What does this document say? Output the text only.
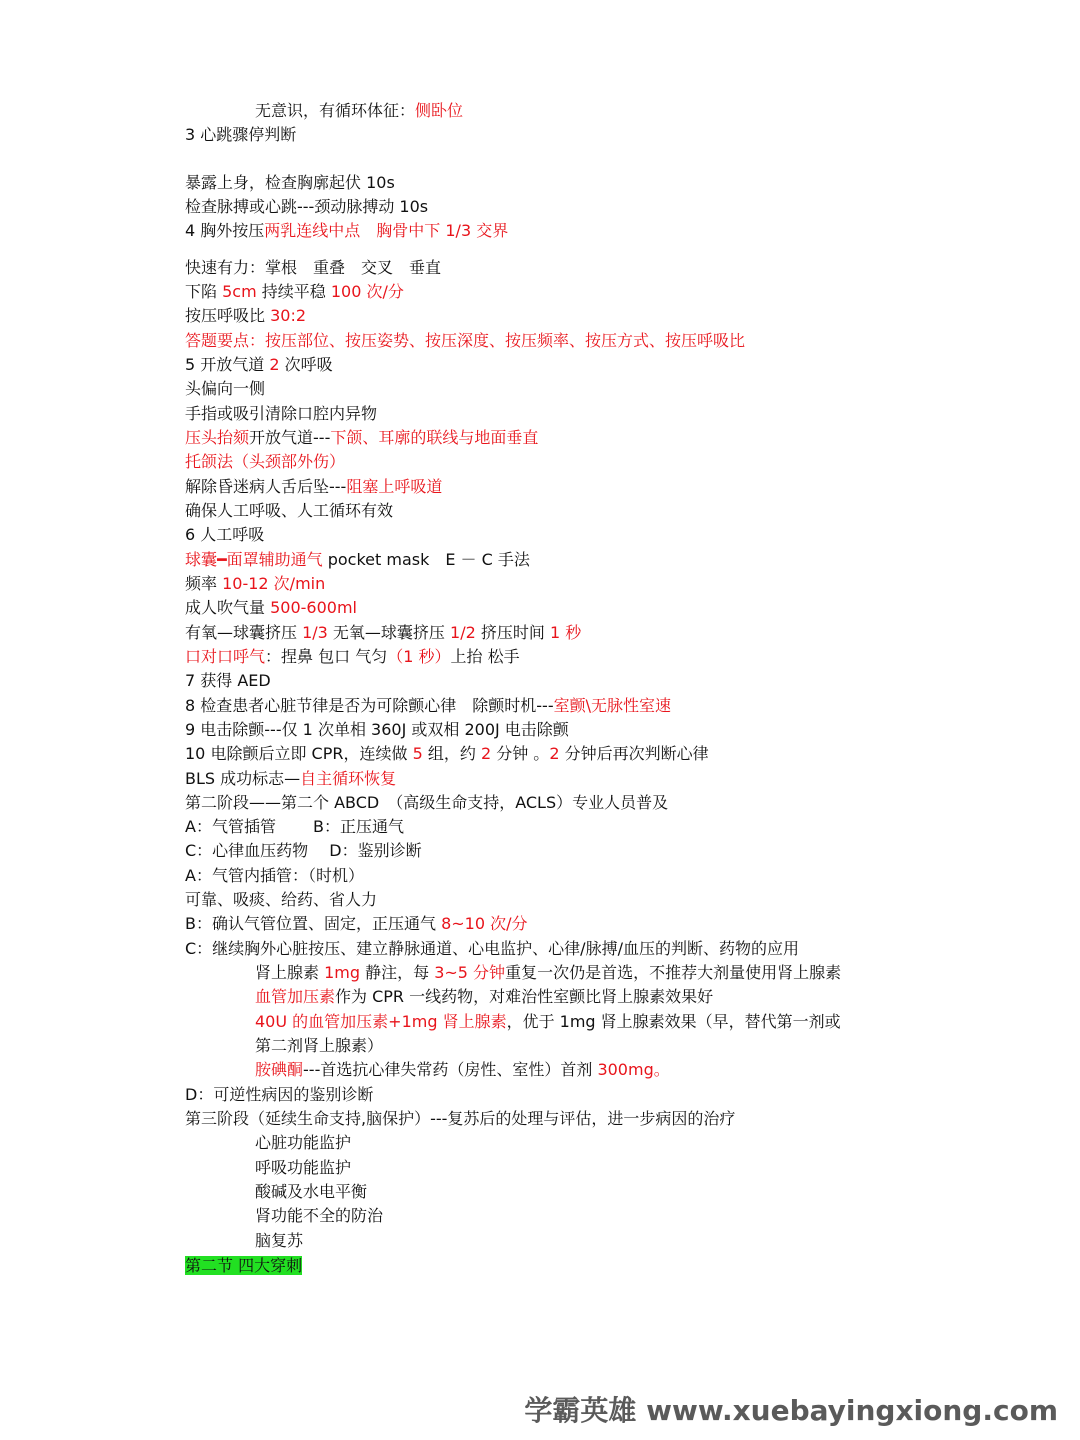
无意识，有循环体征：侧卧位
3 心跳骤停判断
暴露上身，检查胸廓起伏 10s
检查脉搏或心跳---颈动脉搏动 10s
4 胸外按压两乳连线中点　胸骨中下 1/3 交界
快速有力：掌根　重叠　交叉　垂直
下陷 5cm 持续平稳 100 次/分
按压呼吸比 30:2
答题要点：按压部位、按压姿势、按压深度、按压频率、按压方式、按压呼吸比
5 开放气道 2 次呼吸
头偏向一侧
手指或吸引清除口腔内异物
压头抬颏开放气道---下颌、耳廓的联线与地面垂直
托颌法（头颈部外伤）
解除昏迷病人舌后坠---阻塞上呼吸道
确保人工呼吸、人工循环有效
6 人工呼吸
球囊━面罩辅助通气 pocket mask　E － C 手法
频率 10-12 次/min
成人吹气量 500-600ml
有氧—球囊挤压 1/3 无氧—球囊挤压 1/2 挤压时间 1 秒
口对口呼气：捏鼻 包口 气匀（1 秒）上抬 松手
7 获得 AED
8 检查患者心脏节律是否为可除颤心律　除颤时机---室颤\无脉性室速
9 电击除颤---仅 1 次单相 360J 或双相 200J 电击除颤
10 电除颤后立即 CPR，连续做 5 组，约 2 分钟 。2 分钟后再次判断心律
BLS 成功标志—自主循环恢复
第二阶段——第二个 ABCD　（高级生命支持，ACLS）专业人员普及
A：气管插管　　 B：正压通气
C：心律血压药物　 D：鉴别诊断
A：气管内插管：（时机）
可靠、吸痰、给药、省人力
B：确认气管位置、固定，正压通气 8~10 次/分
C：继续胸外心脏按压、建立静脉通道、心电监护、心律/脉搏/血压的判断、药物的应用
肾上腺素 1mg 静注，每 3~5 分钟重复一次仍是首选，不推荐大剂量使用肾上腺素
血管加压素作为 CPR 一线药物，对难治性室颤比肾上腺素效果好
40U 的血管加压素+1mg 肾上腺素，优于 1mg 肾上腺素效果（早，替代第一剂或
第二剂肾上腺素）
胺碘酮---首选抗心律失常药（房性、室性）首剂 300mg。
D：可逆性病因的鉴别诊断
第三阶段（延续生命支持,脑保护）---复苏后的处理与评估，进一步病因的治疗
心脏功能监护
呼吸功能监护
酸碱及水电平衡
肾功能不全的防治
脑复苏
第二节 四大穿刺
学霸英雄 www.xuebayingxiong.com
